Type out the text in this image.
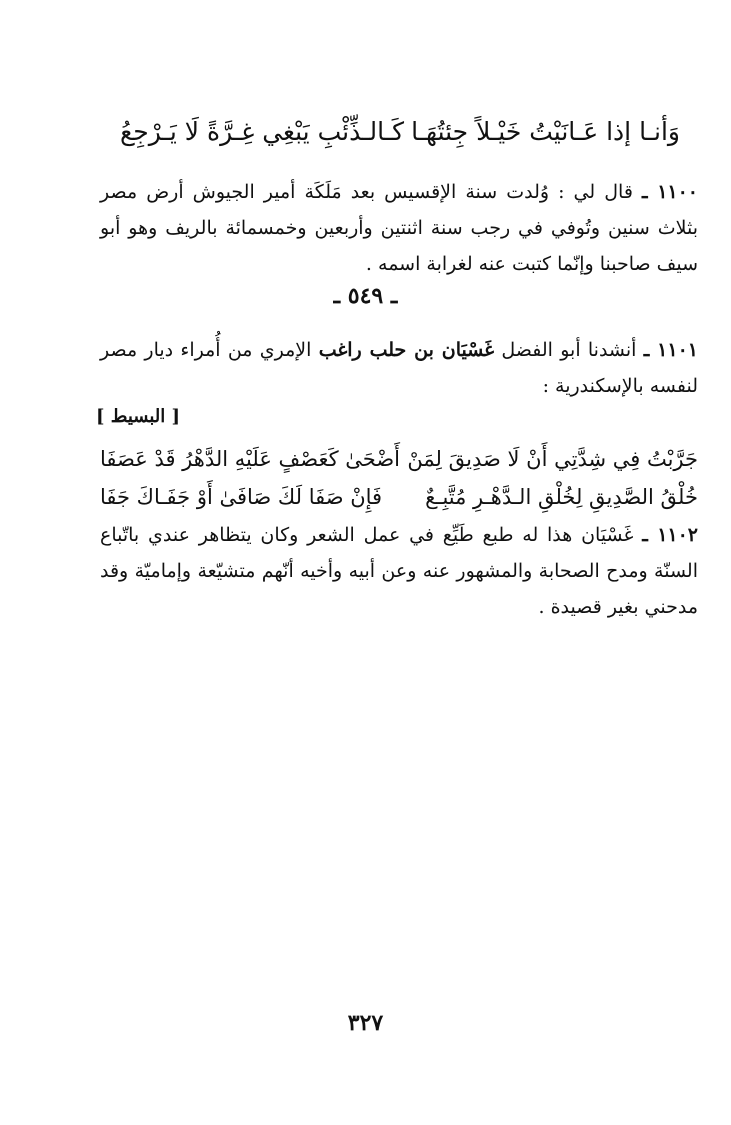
وَأنـا إذا عَـانَيْتُ خَيْـلاً جِئتُهَـا
كَـالـذِّئْبِ يَبْغِي غِـرَّةً لَا يَـرْجِعُ
١١٠٠ ـ قال لي : وُلدت سنة الإقسيس بعد مَلَكَة أمير الجيوش أرض مصر بثلاث سنين وتُوفي في رجب سنة اثنتين وأربعين وخمسمائة بالريف وهو أبو سيف صاحبنا وإنّما كتبت عنه لغرابة اسمه .
ـ ٥٤٩ ـ
١١٠١ ـ أنشدنا أبو الفضل غَسْيَان بن حلب راغب الإمري من أُمراء ديار مصر لنفسه بالإسكندرية :
[ البسيط ]
جَرَّبْتُ فِي شِدَّتِي أَنْ لَا صَدِيقَ لِمَنْ
أَضْحَىٰ كَعَصْفٍ عَلَيْهِ الدَّهْرُ قَدْ عَصَفَا
خُلْقُ الصَّدِيقِ لِخُلْقِ الـدَّهْـرِ مُتَّبِـعٌ
فَإِنْ صَفَا لَكَ صَافَىٰ أَوْ جَفَـاكَ جَفَا
١١٠٢ ـ غَسْيَان هذا له طبع طَيِّع في عمل الشعر وكان يتظاهر عندي باتّباع السنّة ومدح الصحابة والمشهور عنه وعن أبيه وأخيه أنّهم متشيّعة وإماميّة وقد مدحني بغير قصيدة .
٣٢٧
